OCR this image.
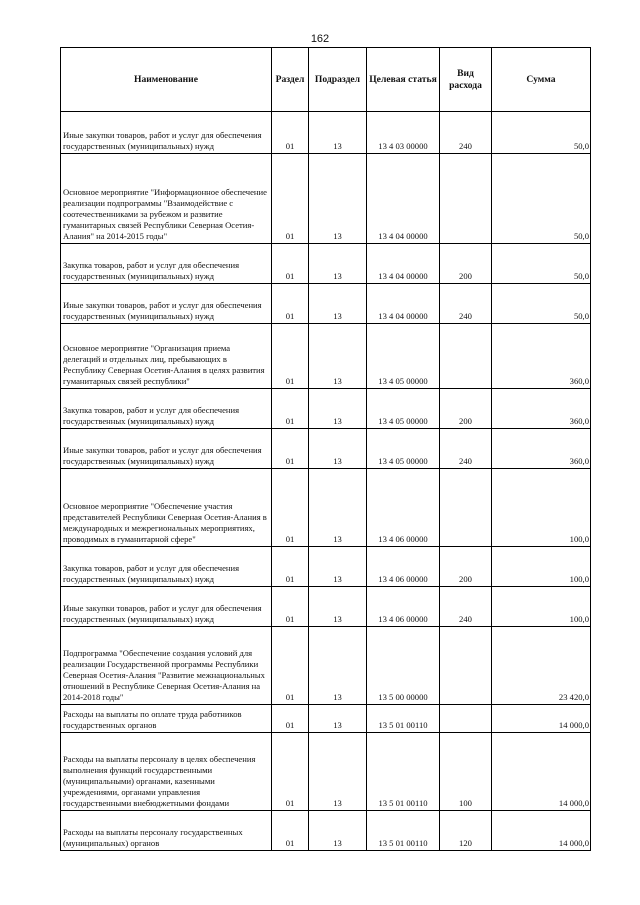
162
Наименование	Раздел	Подраздел	Целевая статья	Вид расхода	Сумма
Иные закупки товаров, работ и услуг для обеспечения государственных (муниципальных) нужд	01	13	13 4 03 00000	240	50,0
Основное мероприятие "Информационное обеспечение реализации подпрограммы "Взаимодействие с соотечественниками за рубежом и развитие гуманитарных связей Республики Северная Осетия-Алания" на 2014-2015 годы"	01	13	13 4 04 00000		50,0
Закупка товаров, работ и услуг для обеспечения государственных (муниципальных) нужд	01	13	13 4 04 00000	200	50,0
Иные закупки товаров, работ и услуг для обеспечения государственных (муниципальных) нужд	01	13	13 4 04 00000	240	50,0
Основное мероприятие "Организация приема делегаций и отдельных лиц, пребывающих в Республику Северная Осетия-Алания в целях развития гуманитарных связей республики"	01	13	13 4 05 00000		360,0
Закупка товаров, работ и услуг для обеспечения государственных (муниципальных) нужд	01	13	13 4 05 00000	200	360,0
Иные закупки товаров, работ и услуг для обеспечения государственных (муниципальных) нужд	01	13	13 4 05 00000	240	360,0
Основное мероприятие "Обеспечение участия представителей Республики Северная Осетия-Алания в международных и межрегиональных мероприятиях, проводимых в гуманитарной сфере"	01	13	13 4 06 00000		100,0
Закупка товаров, работ и услуг для обеспечения государственных (муниципальных) нужд	01	13	13 4 06 00000	200	100,0
Иные закупки товаров, работ и услуг для обеспечения государственных (муниципальных) нужд	01	13	13 4 06 00000	240	100,0
Подпрограмма "Обеспечение создания условий для реализации Государственной программы Республики Северная Осетия-Алания "Развитие межнациональных отношений в Республике Северная Осетия-Алания на 2014-2018 годы"	01	13	13 5 00 00000		23 420,0
Расходы на выплаты по оплате труда работников государственных органов	01	13	13 5 01 00110		14 000,0
Расходы на выплаты персоналу в целях обеспечения выполнения функций государственными (муниципальными) органами, казенными учреждениями, органами управления государственными внебюджетными фондами	01	13	13 5 01 00110	100	14 000,0
Расходы на выплаты персоналу государственных (муниципальных) органов	01	13	13 5 01 00110	120	14 000,0
